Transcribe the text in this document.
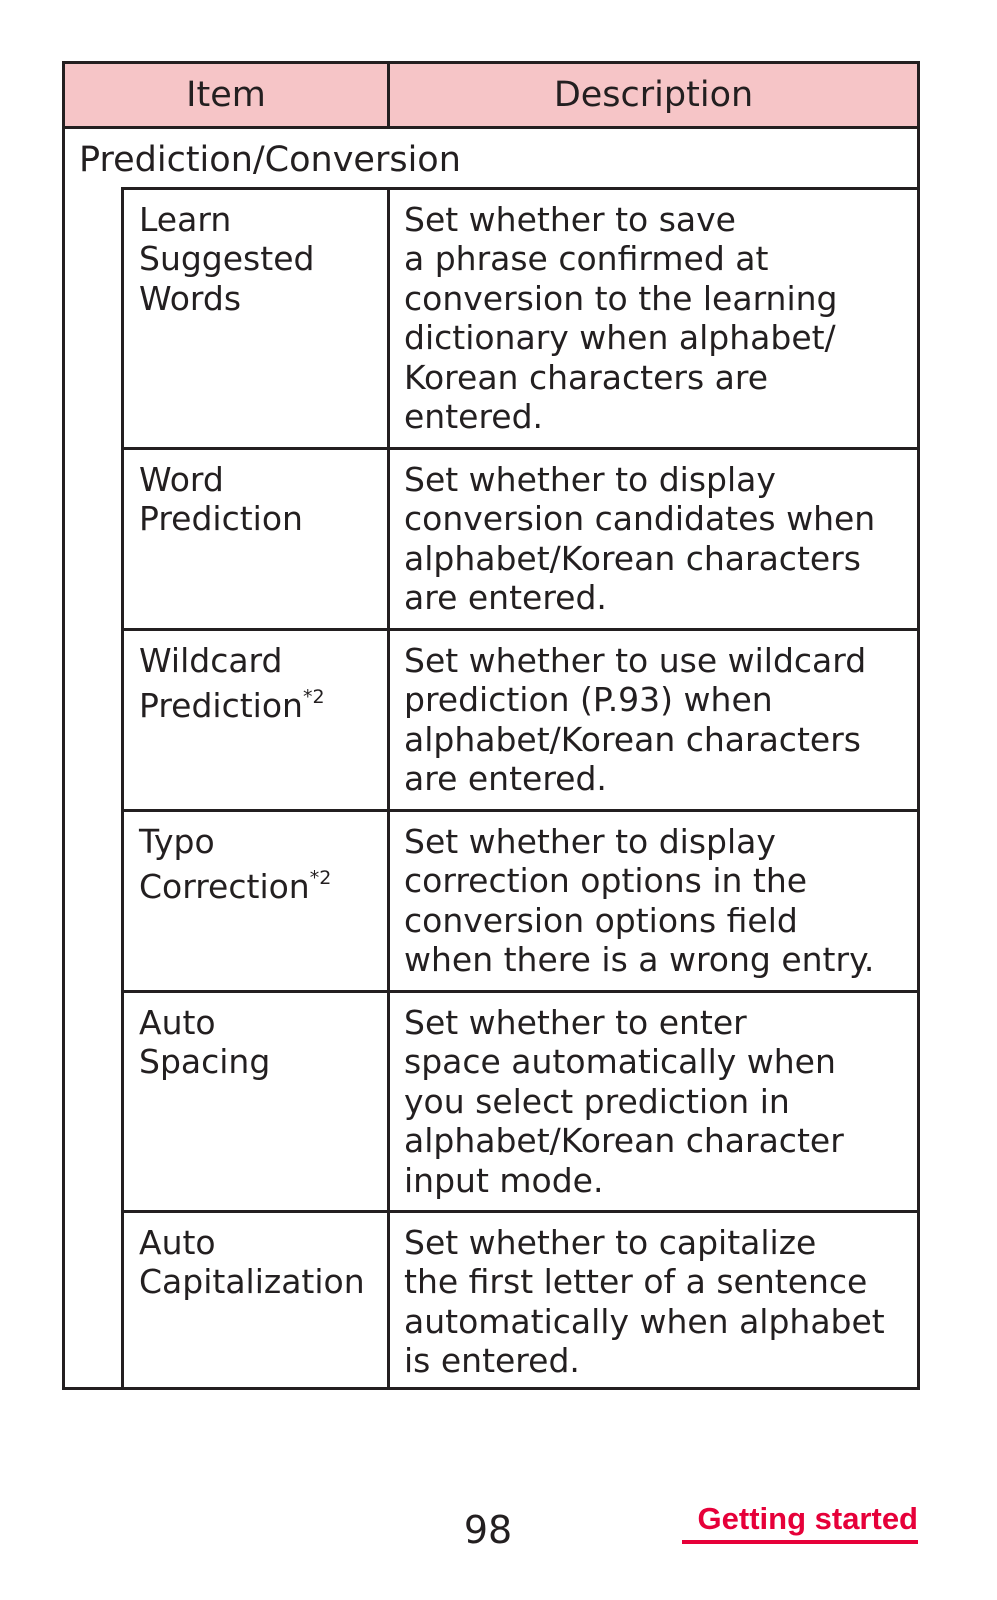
Item	Description
Prediction/Conversion
Learn
Suggested
Words
Set whether to save
a phrase confirmed at
conversion to the learning
dictionary when alphabet/
Korean characters are
entered.
Word
Prediction
Set whether to display
conversion candidates when
alphabet/Korean characters
are entered.
Wildcard
Prediction$^{*2}$
Set whether to use wildcard
prediction (P.93) when
alphabet/Korean characters
are entered.
Typo
Correction$^{*2}$
Set whether to display
correction options in the
conversion options field
when there is a wrong entry.
Auto
Spacing
Set whether to enter
space automatically when
you select prediction in
alphabet/Korean character
input mode.
Auto
Capitalization
Set whether to capitalize
the first letter of a sentence
automatically when alphabet
is entered.
98	Getting started
